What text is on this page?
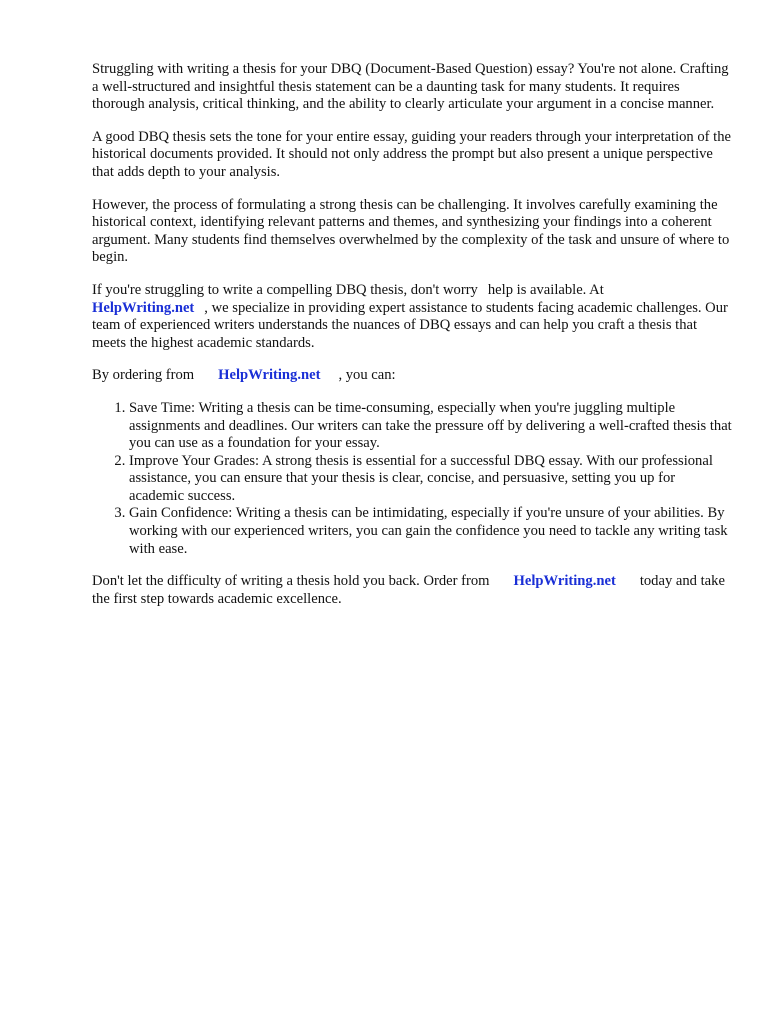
Struggling with writing a thesis for your DBQ (Document-Based Question) essay? You're not alone. Crafting a well-structured and insightful thesis statement can be a daunting task for many students. It requires thorough analysis, critical thinking, and the ability to clearly articulate your argument in a concise manner.

A good DBQ thesis sets the tone for your entire essay, guiding your readers through your interpretation of the historical documents provided. It should not only address the prompt but also present a unique perspective that adds depth to your analysis.

However, the process of formulating a strong thesis can be challenging. It involves carefully examining the historical context, identifying relevant patterns and themes, and synthesizing your findings into a coherent argument. Many students find themselves overwhelmed by the complexity of the task and unsure of where to begin.

If you're struggling to write a compelling DBQ thesis, don't worry help is available. At
HelpWriting.net , we specialize in providing expert assistance to students facing academic challenges. Our team of experienced writers understands the nuances of DBQ essays and can help you craft a thesis that meets the highest academic standards.

By ordering from HelpWriting.net , you can:

1. Save Time: Writing a thesis can be time-consuming, especially when you're juggling multiple assignments and deadlines. Our writers can take the pressure off by delivering a well-crafted thesis that you can use as a foundation for your essay.
2. Improve Your Grades: A strong thesis is essential for a successful DBQ essay. With our professional assistance, you can ensure that your thesis is clear, concise, and persuasive, setting you up for academic success.
3. Gain Confidence: Writing a thesis can be intimidating, especially if you're unsure of your abilities. By working with our experienced writers, you can gain the confidence you need to tackle any writing task with ease.

Don't let the difficulty of writing a thesis hold you back. Order from HelpWriting.net today and take the first step towards academic excellence.
